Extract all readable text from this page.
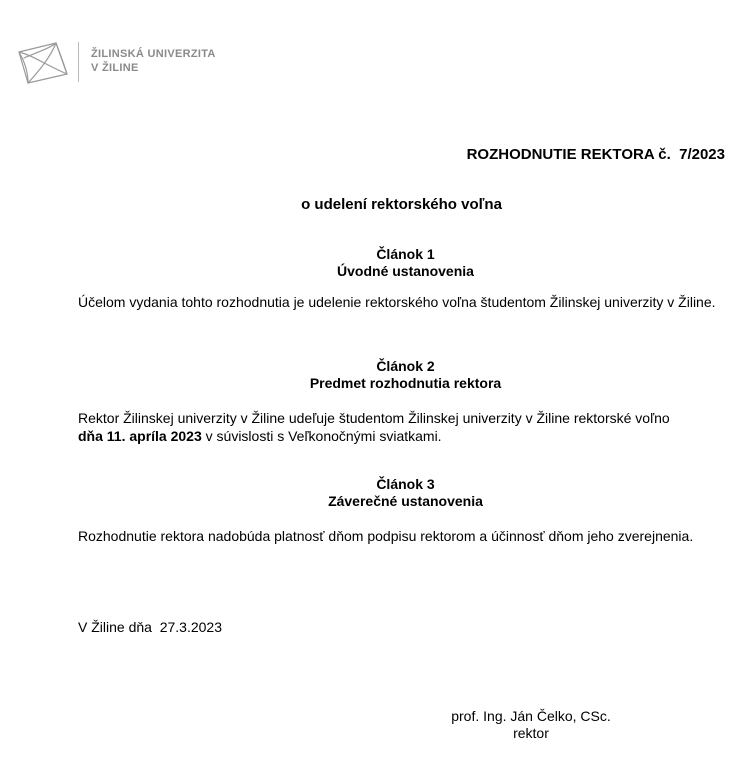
ŽILINSKÁ UNIVERZITA
V ŽILINE
ROZHODNUTIE REKTORA č.  7/2023
o udelení rektorského voľna
Článok 1
Úvodné ustanovenia
Účelom vydania tohto rozhodnutia je udelenie rektorského voľna študentom Žilinskej univerzity v Žiline.
Článok 2
Predmet rozhodnutia rektora
Rektor Žilinskej univerzity v Žiline udeľuje študentom Žilinskej univerzity v Žiline rektorské voľno
dňa 11. apríla 2023 v súvislosti s Veľkonočnými sviatkami.
Článok 3
Záverečné ustanovenia
Rozhodnutie rektora nadobúda platnosť dňom podpisu rektorom a účinnosť dňom jeho zverejnenia.
V Žiline dňa  27.3.2023
prof. Ing. Ján Čelko, CSc.
rektor
